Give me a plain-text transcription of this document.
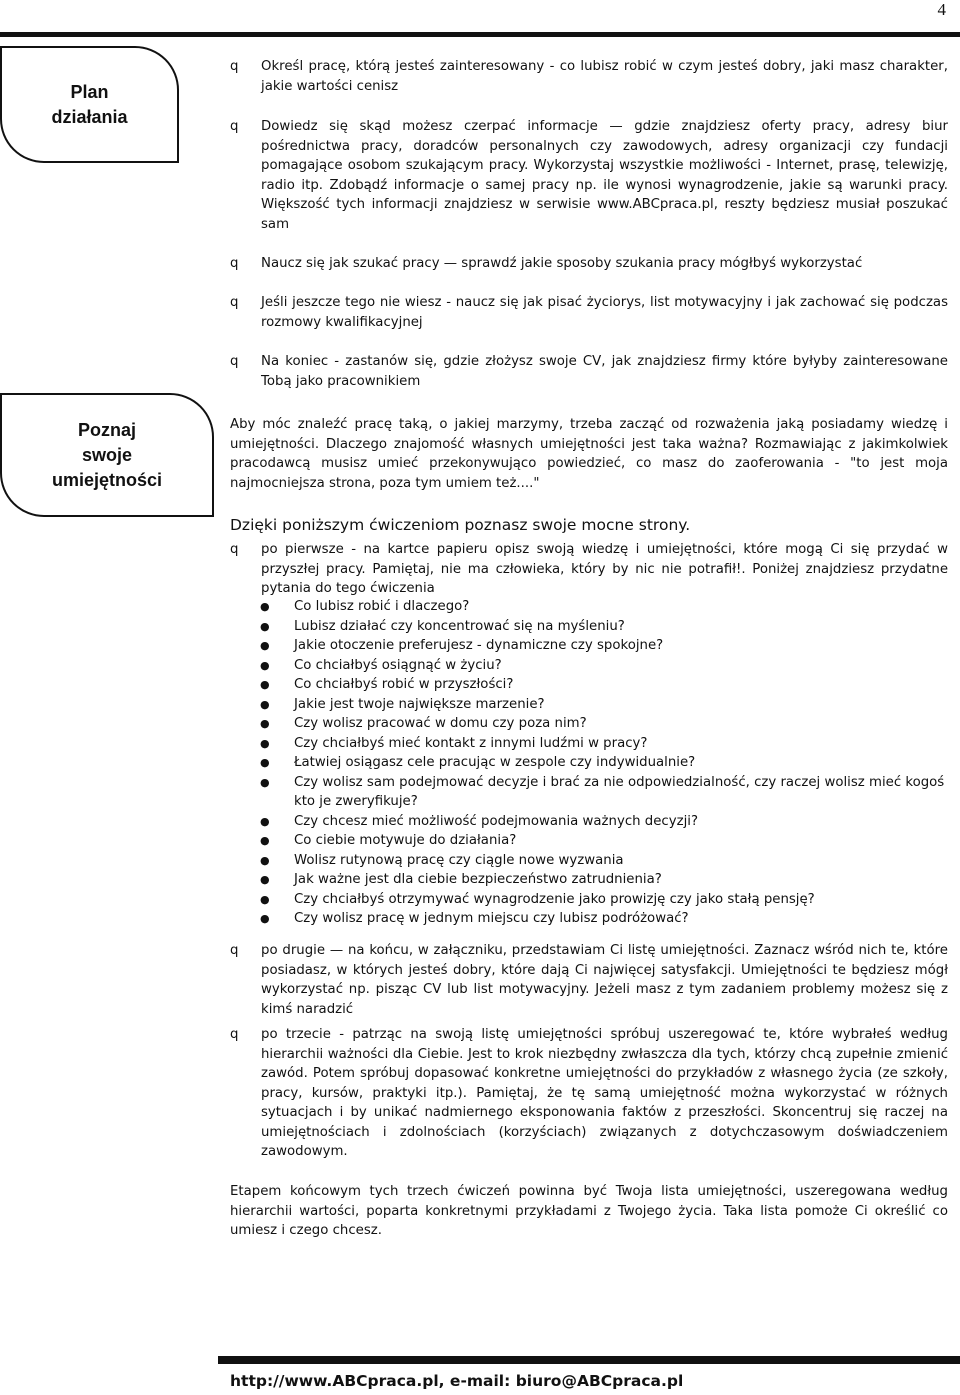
4
Plan działania
Poznaj swoje umiejętności
q Określ pracę, którą jesteś zainteresowany - co lubisz robić w czym jesteś dobry, jaki masz charakter, jakie wartości cenisz

q Dowiedz się skąd możesz czerpać informacje — gdzie znajdziesz oferty pracy, adresy biur pośrednictwa pracy, doradców personalnych czy zawodowych, adresy organizacji czy fundacji pomagające osobom szukającym pracy. Wykorzystaj wszystkie możliwości - Internet, prasę, telewizję, radio itp. Zdobądź informacje o samej pracy np. ile wynosi wynagrodzenie, jakie są warunki pracy. Większość tych informacji znajdziesz w serwisie www.ABCpraca.pl, reszty będziesz musiał poszukać sam

q Naucz się jak szukać pracy — sprawdź jakie sposoby szukania pracy mógłbyś wykorzystać

q Jeśli jeszcze tego nie wiesz - naucz się jak pisać życiorys, list motywacyjny i jak zachować się podczas rozmowy kwalifikacyjnej

q Na koniec - zastanów się, gdzie złożysz swoje CV, jak znajdziesz firmy które byłyby zainteresowane Tobą jako pracownikiem

Aby móc znaleźć pracę taką, o jakiej marzymy, trzeba zacząć od rozważenia jaką posiadamy wiedzę i umiejętności. Dlaczego znajomość własnych umiejętności jest taka ważna? Rozmawiając z jakimkolwiek pracodawcą musisz umieć przekonywująco powiedzieć, co masz do zaoferowania - "to jest moja najmocniejsza strona, poza tym umiem też...."

Dzięki poniższym ćwiczeniom poznasz swoje mocne strony.

q po pierwsze - na kartce papieru opisz swoją wiedzę i umiejętności, które mogą Ci się przydać w przyszłej pracy. Pamiętaj, nie ma człowieka, który by nic nie potrafił!. Poniżej znajdziesz przydatne pytania do tego ćwiczenia

● Co lubisz robić i dlaczego?
● Lubisz działać czy koncentrować się na myśleniu?
● Jakie otoczenie preferujesz - dynamiczne czy spokojne?
● Co chciałbyś osiągnąć w życiu?
● Co chciałbyś robić w przyszłości?
● Jakie jest twoje największe marzenie?
● Czy wolisz pracować w domu czy poza nim?
● Czy chciałbyś mieć kontakt z innymi ludźmi w pracy?
● Łatwiej osiągasz cele pracując w zespole czy indywidualnie?
● Czy wolisz sam podejmować decyzje i brać za nie odpowiedzialność, czy raczej wolisz mieć kogoś kto je zweryfikuje?
● Czy chcesz mieć możliwość podejmowania ważnych decyzji?
● Co ciebie motywuje do działania?
● Wolisz rutynową pracę czy ciągle nowe wyzwania
● Jak ważne jest dla ciebie bezpieczeństwo zatrudnienia?
● Czy chciałbyś otrzymywać wynagrodzenie jako prowizję czy jako stałą pensję?
● Czy wolisz pracę w jednym miejscu czy lubisz podróżować?
q po drugie — na końcu, w załączniku, przedstawiam Ci listę umiejętności. Zaznacz wśród nich te, które posiadasz, w których jesteś dobry, które dają Ci najwięcej satysfakcji. Umiejętności te będziesz mógł wykorzystać np. pisząc CV lub list motywacyjny. Jeżeli masz z tym zadaniem problemy możesz się z kimś naradzić

q po trzecie - patrząc na swoją listę umiejętności spróbuj uszeregować te, które wybrałeś według hierarchii ważności dla Ciebie. Jest to krok niezbędny zwłaszcza dla tych, którzy chcą zupełnie zmienić zawód. Potem spróbuj dopasować konkretne umiejętności do przykładów z własnego życia (ze szkoły, pracy, kursów, praktyki itp.). Pamiętaj, że tę samą umiejętność można wykorzystać w różnych sytuacjach i by unikać nadmiernego eksponowania faktów z przeszłości. Skoncentruj się raczej na umiejętnościach i zdolnościach (korzyściach) związanych z dotychczasowym doświadczeniem zawodowym.

Etapem końcowym tych trzech ćwiczeń powinna być Twoja lista umiejętności, uszeregowana według hierarchii wartości, poparta konkretnymi przykładami z Twojego życia. Taka lista pomoże Ci określić co umiesz i czego chcesz.

http://www.ABCpraca.pl, e-mail: biuro@ABCpraca.pl
